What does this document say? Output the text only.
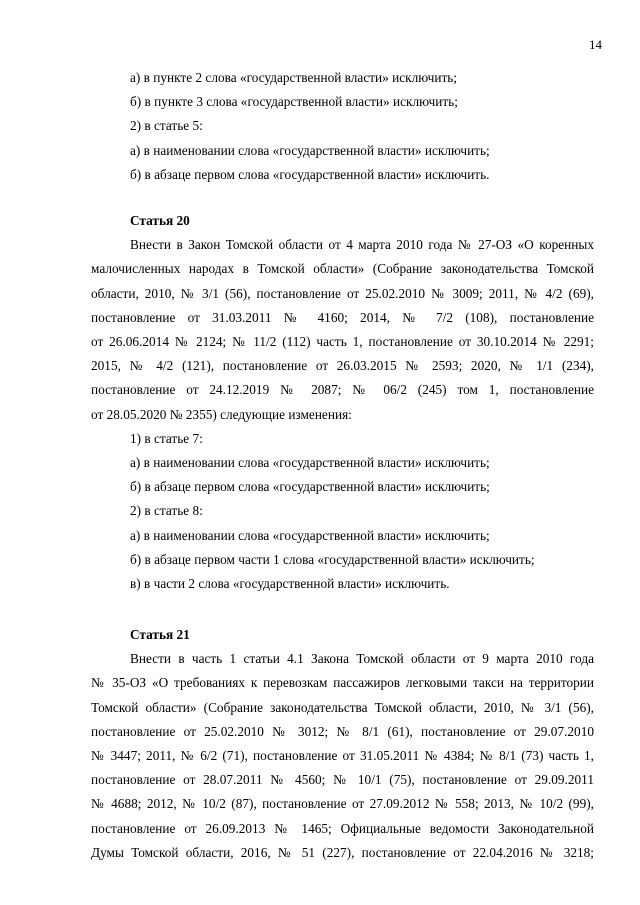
14

а) в пункте 2 слова «государственной власти» исключить;

б) в пункте 3 слова «государственной власти» исключить;

2) в статье 5:

а) в наименовании слова «государственной власти» исключить;

б) в абзаце первом слова «государственной власти» исключить.

Статья 20

Внести в Закон Томской области от 4 марта 2010 года № 27-ОЗ «О коренных
малочисленных народах в Томской области» (Собрание законодательства Томской
области, 2010, № 3/1 (56), постановление от 25.02.2010 № 3009; 2011, № 4/2 (69),
постановление от 31.03.2011 № 4160; 2014, № 7/2 (108), постановление
от 26.06.2014 № 2124; № 11/2 (112) часть 1, постановление от 30.10.2014 № 2291;
2015, № 4/2 (121), постановление от 26.03.2015 № 2593; 2020, № 1/1 (234),
постановление от 24.12.2019 № 2087; № 06/2 (245) том 1, постановление
от 28.05.2020 № 2355) следующие изменения:

1) в статье 7:

а) в наименовании слова «государственной власти» исключить;

б) в абзаце первом слова «государственной власти» исключить;

2) в статье 8:

а) в наименовании слова «государственной власти» исключить;

б) в абзаце первом части 1 слова «государственной власти» исключить;

в) в части 2 слова «государственной власти» исключить.

Статья 21

Внести в часть 1 статьи 4.1 Закона Томской области от 9 марта 2010 года
№ 35-ОЗ «О требованиях к перевозкам пассажиров легковыми такси на территории
Томской области» (Собрание законодательства Томской области, 2010, № 3/1 (56),
постановление от 25.02.2010 № 3012; № 8/1 (61), постановление от 29.07.2010
№ 3447; 2011, № 6/2 (71), постановление от 31.05.2011 № 4384; № 8/1 (73) часть 1,
постановление от 28.07.2011 № 4560; № 10/1 (75), постановление от 29.09.2011
№ 4688; 2012, № 10/2 (87), постановление от 27.09.2012 № 558; 2013, № 10/2 (99),
постановление от 26.09.2013 № 1465; Официальные ведомости Законодательной
Думы Томской области, 2016, № 51 (227), постановление от 22.04.2016 № 3218;
